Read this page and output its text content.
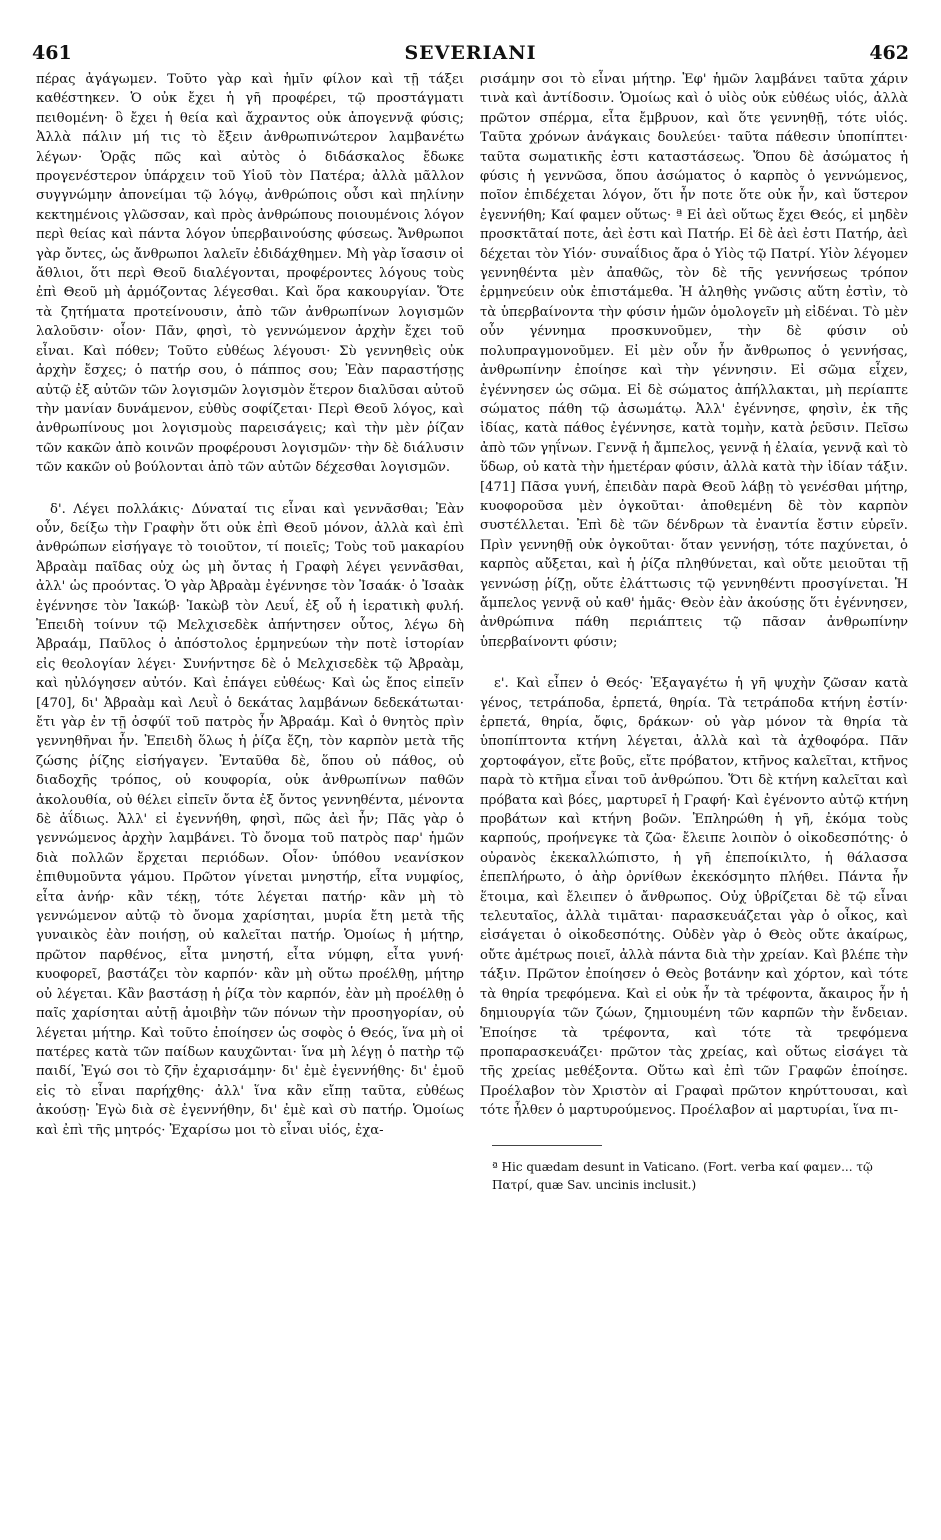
461	SEVERIANI	462

πέρας ἀγάγωμεν. Τοῦτο γὰρ καὶ ἡμῖν φίλον καὶ τῇ τάξει καθέστηκεν. Ὁ οὐκ ἔχει ἡ γῆ προφέρει, τῷ προστάγματι πειθομένη· ὃ ἔχει ἡ θεία καὶ ἄχραντος οὐκ ἀπογεννᾷ φύσις; Ἀλλὰ πάλιν μή τις τὸ ἔξειν ἀνθρωπινώτερον λαμβανέτω λέγων· Ὁρᾷς πῶς καὶ αὐτὸς ὁ διδάσκαλος ἔδωκε προγενέστερον ὑπάρχειν τοῦ Υἱοῦ τὸν Πατέρα; ἀλλὰ μᾶλλον συγγνώμην ἀπονείμαι τῷ λόγῳ, ἀνθρώποις οὖσι καὶ πηλίνην κεκτημένοις γλῶσσαν, καὶ πρὸς ἀνθρώπους ποιουμένοις λόγον περὶ θείας καὶ πάντα λόγον ὑπερβαινούσης φύσεως. Ἄνθρωποι γὰρ ὄντες, ὡς ἄνθρωποι λαλεῖν ἐδιδάχθημεν. Μὴ γὰρ ἴσασιν οἱ ἄθλιοι, ὅτι περὶ Θεοῦ διαλέγονται, προφέροντες λόγους τοὺς ἐπὶ Θεοῦ μὴ ἁρμόζοντας λέγεσθαι. Καὶ ὅρα κακουργίαν. Ὅτε τὰ ζητήματα προτείνουσιν, ἀπὸ τῶν ἀνθρωπίνων λογισμῶν λαλοῦσιν· οἷον· Πᾶν, φησὶ, τὸ γεννώμενον ἀρχὴν ἔχει τοῦ εἶναι. Καὶ πόθεν; Τοῦτο εὐθέως λέγουσι· Σὺ γεννηθεὶς οὐκ ἀρχὴν ἔσχες; ὁ πατήρ σου, ὁ πάππος σου; Ἐὰν παραστήσῃς αὐτῷ ἐξ αὐτῶν τῶν λογισμῶν λογισμὸν ἕτερον διαλῦσαι αὐτοῦ τὴν μανίαν δυνάμενον, εὐθὺς σοφίζεται· Περὶ Θεοῦ λόγος, καὶ ἀνθρωπίνους μοι λογισμοὺς παρεισάγεις; καὶ τὴν μὲν ῥίζαν τῶν κακῶν ἀπὸ κοινῶν προφέρουσι λογισμῶν· τὴν δὲ διάλυσιν τῶν κακῶν οὐ βούλονται ἀπὸ τῶν αὐτῶν δέχεσθαι λογισμῶν.

δ'. Λέγει πολλάκις· Δύναταί τις εἶναι καὶ γεννᾶσθαι; Ἐὰν οὖν, δείξω τὴν Γραφὴν ὅτι οὐκ ἐπὶ Θεοῦ μόνον, ἀλλὰ καὶ ἐπὶ ἀνθρώπων εἰσήγαγε τὸ τοιοῦτον, τί ποιεῖς; Τοὺς τοῦ μακαρίου Ἀβραὰμ παῖδας οὐχ ὡς μὴ ὄντας ἡ Γραφὴ λέγει γεννᾶσθαι, ἀλλ' ὡς προόντας. Ὁ γὰρ Ἀβραὰμ ἐγέννησε τὸν Ἰσαάκ· ὁ Ἰσαὰκ ἐγέννησε τὸν Ἰακώβ· Ἰακὼβ τὸν Λευΐ, ἐξ οὗ ἡ ἱερατικὴ φυλή. Ἐπειδὴ τοίνυν τῷ Μελχισεδὲκ ἀπήντησεν οὗτος, λέγω δὴ Ἀβραάμ, Παῦλος ὁ ἀπόστολος ἑρμηνεύων τὴν ποτὲ ἱστορίαν εἰς θεολογίαν λέγει· Συνήντησε δὲ ὁ Μελχισεδὲκ τῷ Ἀβραὰμ, καὶ ηὐλόγησεν αὐτόν. Καὶ ἐπάγει εὐθέως· Καὶ ὡς ἔπος εἰπεῖν [470], δι' Ἀβραὰμ καὶ Λευῒ ὁ δεκάτας λαμβάνων δεδεκάτωται· ἔτι γὰρ ἐν τῇ ὀσφύϊ τοῦ πατρὸς ἦν Ἀβραάμ. Καὶ ὁ θνητὸς πρὶν γεννηθῆναι ἦν. Ἐπειδὴ ὅλως ἡ ῥίζα ἔζη, τὸν καρπὸν μετὰ τῆς ζώσης ῥίζης εἰσήγαγεν. Ἐνταῦθα δὲ, ὅπου οὐ πάθος, οὐ διαδοχῆς τρόπος, οὐ κουφορία, οὐκ ἀνθρωπίνων παθῶν ἀκολουθία, οὐ θέλει εἰπεῖν ὄντα ἐξ ὄντος γεννηθέντα, μένοντα δὲ ἀΐδιως. Ἀλλ' εἰ ἐγεννήθη, φησὶ, πῶς ἀεὶ ἦν; Πᾶς γὰρ ὁ γεννώμενος ἀρχὴν λαμβάνει. Τὸ ὄνομα τοῦ πατρὸς παρ' ἡμῶν διὰ πολλῶν ἔρχεται περιόδων. Οἷον· ὑπόθου νεανίσκον ἐπιθυμοῦντα γάμου. Πρῶτον γίνεται μνηστήρ, εἶτα νυμφίος, εἶτα ἀνήρ· κἂν τέκῃ, τότε λέγεται πατήρ· κἂν μὴ τὸ γεννώμενον αὐτῷ τὸ ὄνομα χαρίσηται, μυρία ἔτη μετὰ τῆς γυναικὸς ἐὰν ποιήσῃ, οὐ καλεῖται πατήρ. Ὁμοίως ἡ μήτηρ, πρῶτον παρθένος, εἶτα μνηστή, εἶτα νύμφη, εἶτα γυνή· κυοφορεῖ, βαστάζει τὸν καρπόν· κἂν μὴ οὕτω προέλθῃ, μήτηρ οὐ λέγεται. Κἂν βαστάσῃ ἡ ῥίζα τὸν καρπόν, ἐὰν μὴ προέλθῃ ὁ παῖς χαρίσηται αὐτῇ ἀμοιβὴν τῶν πόνων τὴν προσηγορίαν, οὐ λέγεται μήτηρ. Καὶ τοῦτο ἐποίησεν ὡς σοφὸς ὁ Θεός, ἵνα μὴ οἱ πατέρες κατὰ τῶν παίδων καυχῶνται· ἵνα μὴ λέγῃ ὁ πατὴρ τῷ παιδί, Ἐγώ σοι τὸ ζῆν ἐχαρισάμην· δι' ἐμὲ ἐγεννήθης· δι' ἐμοῦ εἰς τὸ εἶναι παρήχθης· ἀλλ' ἵνα κἂν εἴπῃ ταῦτα, εὐθέως ἀκούσῃ· Ἐγὼ διὰ σὲ ἐγεννήθην, δι' ἐμὲ καὶ σὺ πατήρ. Ὁμοίως καὶ ἐπὶ τῆς μητρός· Ἐχαρίσω μοι τὸ εἶναι υἱός, ἐχα-

ρισάμην σοι τὸ εἶναι μήτηρ. Ἐφ' ἡμῶν λαμβάνει ταῦτα χάριν τινὰ καὶ ἀντίδοσιν. Ὁμοίως καὶ ὁ υἱὸς οὐκ εὐθέως υἱός, ἀλλὰ πρῶτον σπέρμα, εἶτα ἔμβρυον, καὶ ὅτε γεννηθῇ, τότε υἱός. Ταῦτα χρόνων ἀνάγκαις δουλεύει· ταῦτα πάθεσιν ὑποπίπτει· ταῦτα σωματικῆς ἐστι καταστάσεως. Ὅπου δὲ ἀσώματος ἡ φύσις ἡ γεννῶσα, ὅπου ἀσώματος ὁ καρπὸς ὁ γεννώμενος, ποῖον ἐπιδέχεται λόγον, ὅτι ἦν ποτε ὅτε οὐκ ἦν, καὶ ὕστερον ἐγεννήθη; Καί φαμεν οὕτως· ª Εἰ ἀεὶ οὕτως ἔχει Θεός, εἰ μηδὲν προσκτᾶταί ποτε, ἀεὶ ἐστι καὶ Πατήρ. Εἰ δὲ ἀεὶ ἐστι Πατήρ, ἀεὶ δέχεται τὸν Υἱόν· συναΐδιος ἄρα ὁ Υἱὸς τῷ Πατρί. Υἱὸν λέγομεν γεννηθέντα μὲν ἀπαθῶς, τὸν δὲ τῆς γεννήσεως τρόπον ἑρμηνεύειν οὐκ ἐπιστάμεθα. Ἡ ἀληθὴς γνῶσις αὕτη ἐστὶν, τὸ τὰ ὑπερβαίνοντα τὴν φύσιν ἡμῶν ὁμολογεῖν μὴ εἰδέναι. Τὸ μὲν οὖν γέννημα προσκυνοῦμεν, τὴν δὲ φύσιν οὐ πολυπραγμονοῦμεν. Εἰ μὲν οὖν ἦν ἄνθρωπος ὁ γεννήσας, ἀνθρωπίνην ἐποίησε καὶ τὴν γέννησιν. Εἰ σῶμα εἶχεν, ἐγέννησεν ὡς σῶμα. Εἰ δὲ σώματος ἀπήλλακται, μὴ περίαπτε σώματος πάθη τῷ ἀσωμάτῳ. Ἀλλ' ἐγέννησε, φησὶν, ἐκ τῆς ἰδίας, κατὰ πάθος ἐγέννησε, κατὰ τομὴν, κατὰ ῥεῦσιν. Πεῖσω ἀπὸ τῶν γηΐνων. Γεννᾷ ἡ ἄμπελος, γεννᾷ ἡ ἐλαία, γεννᾷ καὶ τὸ ὕδωρ, οὐ κατὰ τὴν ἡμετέραν φύσιν, ἀλλὰ κατὰ τὴν ἰδίαν τάξιν. [471] Πᾶσα γυνή, ἐπειδὰν παρὰ Θεοῦ λάβῃ τὸ γενέσθαι μήτηρ, κυοφοροῦσα μὲν ὀγκοῦται· ἀποθεμένη δὲ τὸν καρπὸν συστέλλεται. Ἐπὶ δὲ τῶν δένδρων τὰ ἐναντία ἔστιν εὑρεῖν. Πρὶν γεννηθῇ οὐκ ὀγκοῦται· ὅταν γεννήσῃ, τότε παχύνεται, ὁ καρπὸς αὔξεται, καὶ ἡ ῥίζα πληθύνεται, καὶ οὔτε μειοῦται τῇ γεννώσῃ ῥίζῃ, οὔτε ἐλάττωσις τῷ γεννηθέντι προσγίνεται. Ἡ ἄμπελος γεννᾷ οὐ καθ' ἡμᾶς· Θεὸν ἐὰν ἀκούσῃς ὅτι ἐγέννησεν, ἀνθρώπινα πάθη περιάπτεις τῷ πᾶσαν ἀνθρωπίνην ὑπερβαίνοντι φύσιν;

ε'. Καὶ εἶπεν ὁ Θεός· Ἐξαγαγέτω ἡ γῆ ψυχὴν ζῶσαν κατὰ γένος, τετράποδα, ἑρπετά, θηρία. Τὰ τετράποδα κτήνη ἐστίν· ἑρπετά, θηρία, ὄφις, δράκων· οὐ γὰρ μόνον τὰ θηρία τὰ ὑποπίπτοντα κτήνη λέγεται, ἀλλὰ καὶ τὰ ἀχθοφόρα. Πᾶν χορτοφάγον, εἴτε βοῦς, εἴτε πρόβατον, κτῆνος καλεῖται, κτῆνος παρὰ τὸ κτῆμα εἶναι τοῦ ἀνθρώπου. Ὅτι δὲ κτήνη καλεῖται καὶ πρόβατα καὶ βόες, μαρτυρεῖ ἡ Γραφή· Καὶ ἐγένοντο αὐτῷ κτήνη προβάτων καὶ κτήνη βοῶν. Ἐπληρώθη ἡ γῆ, ἐκόμα τοὺς καρπούς, προήνεγκε τὰ ζῶα· ἔλειπε λοιπὸν ὁ οἰκοδεσπότης· ὁ οὐρανὸς ἐκεκαλλώπιστο, ἡ γῆ ἐπεποίκιλτο, ἡ θάλασσα ἐπεπλήρωτο, ὁ ἀὴρ ὀρνίθων ἐκεκόσμητο πλήθει. Πάντα ἦν ἕτοιμα, καὶ ἔλειπεν ὁ ἄνθρωπος. Οὐχ ὑβρίζεται δὲ τῷ εἶναι τελευταῖος, ἀλλὰ τιμᾶται· παρασκευάζεται γὰρ ὁ οἶκος, καὶ εἰσάγεται ὁ οἰκοδεσπότης. Οὐδὲν γὰρ ὁ Θεὸς οὔτε ἀκαίρως, οὔτε ἀμέτρως ποιεῖ, ἀλλὰ πάντα διὰ τὴν χρείαν. Καὶ βλέπε τὴν τάξιν. Πρῶτον ἐποίησεν ὁ Θεὸς βοτάνην καὶ χόρτον, καὶ τότε τὰ θηρία τρεφόμενα. Καὶ εἰ οὐκ ἦν τὰ τρέφοντα, ἄκαιρος ἦν ἡ δημιουργία τῶν ζώων, ζημιουμένη τῶν καρπῶν τὴν ἔνδειαν. Ἐποίησε τὰ τρέφοντα, καὶ τότε τὰ τρεφόμενα προπαρασκευάζει· πρῶτον τὰς χρείας, καὶ οὕτως εἰσάγει τὰ τῆς χρείας μεθέξοντα. Οὕτω καὶ ἐπὶ τῶν Γραφῶν ἐποίησε. Προέλαβον τὸν Χριστὸν αἱ Γραφαὶ πρῶτον κηρύττουσαι, καὶ τότε ἦλθεν ὁ μαρτυρούμενος. Προέλαβον αἱ μαρτυρίαι, ἵνα πι-

ª Hic quædam desunt in Vaticano. (Fort. verba καί φαμεν... τῷ Πατρί, quæ Sav. uncinis inclusit.)
